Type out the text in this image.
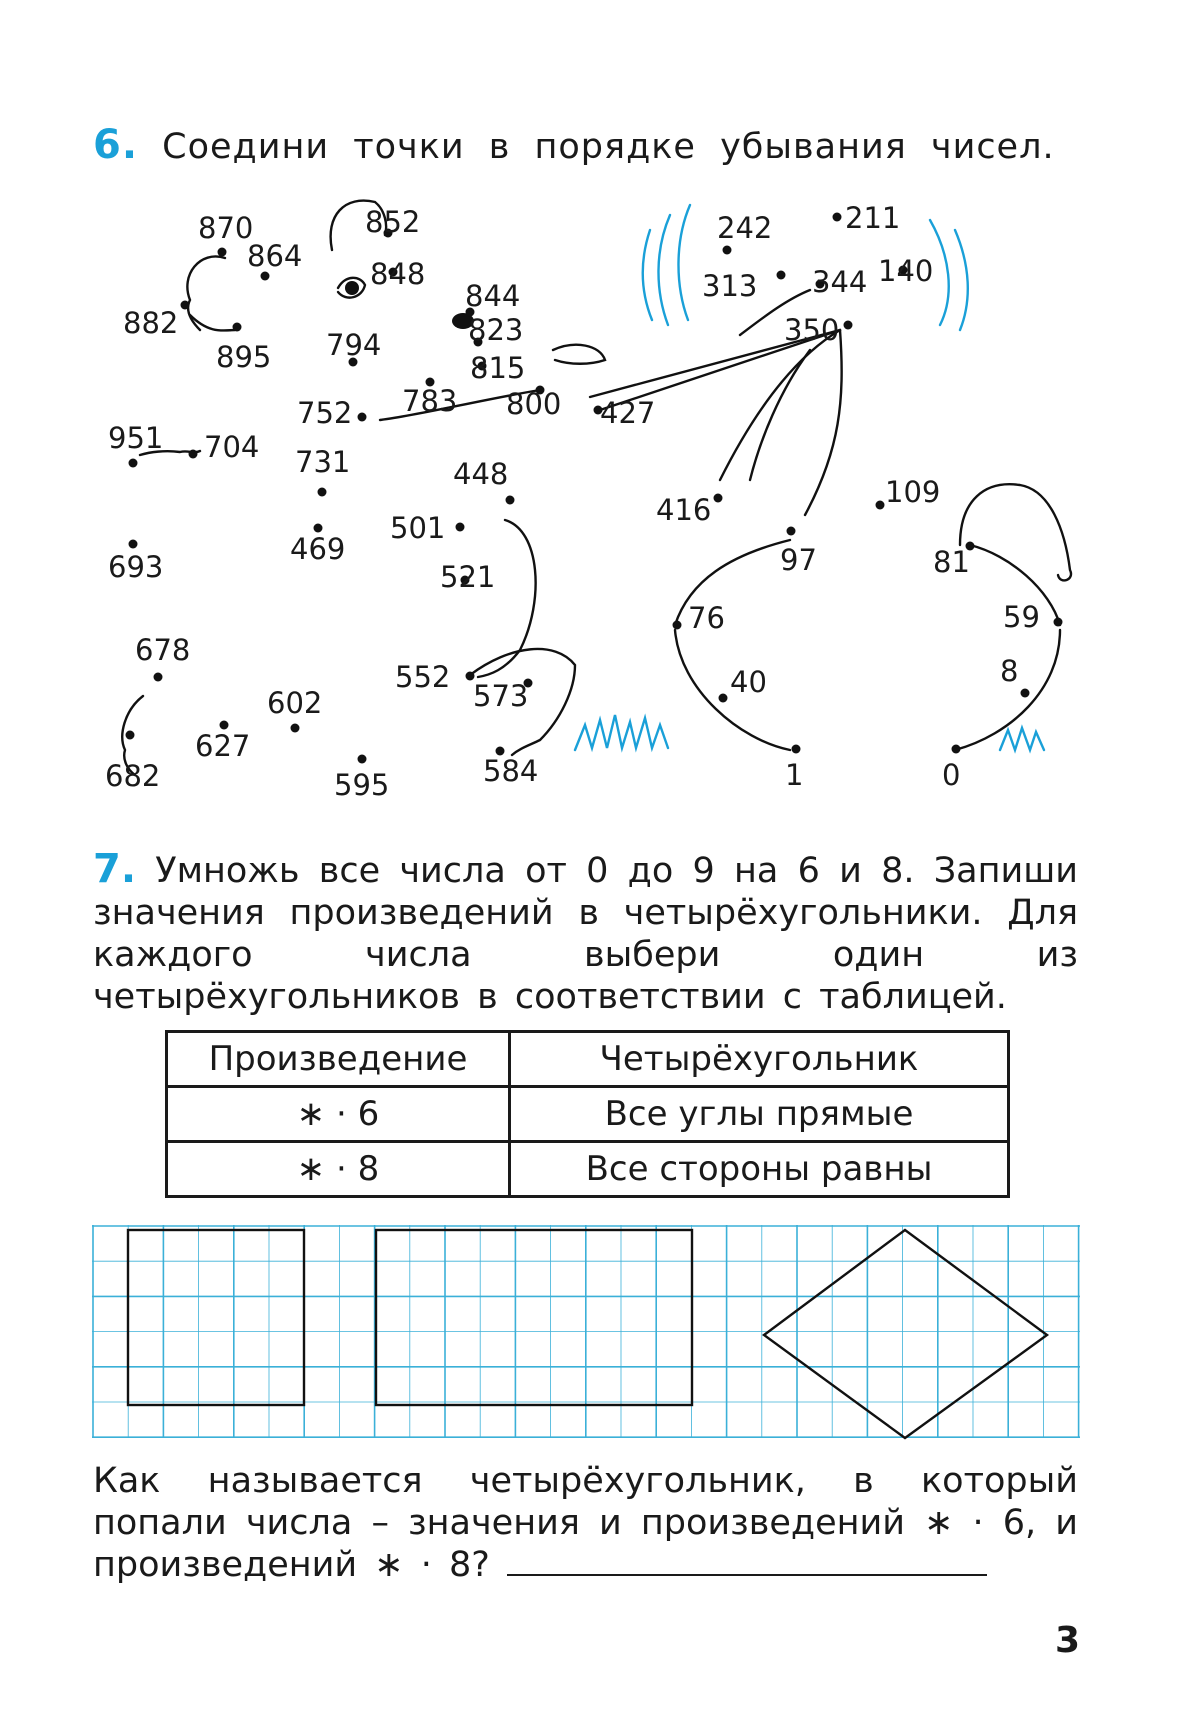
6. Соедини точки в порядке убывания чисел.
870	852
864
848
882
844
895
823
794
815
783
752	800 427
951 704 731	448
501
469
693	521
678
602
552
573
627
682	595	584
242	211
313 344 140
350
416
109
97	81
76	59
40	8
1	0
7. Умножь все числа от 0 до 9 на 6 и 8. Запиши значения произведений в четырёхугольники. Для каждого числа выбери один из четырёхугольников в соответствии с таблицей.
Произведение	Четырёхугольник
∗ · 6	Все углы прямые
∗ · 8	Все стороны равны
Как называется четырёхугольник, в который попали числа – значения и произведений ∗ · 6, и произведений ∗ · 8?
3
